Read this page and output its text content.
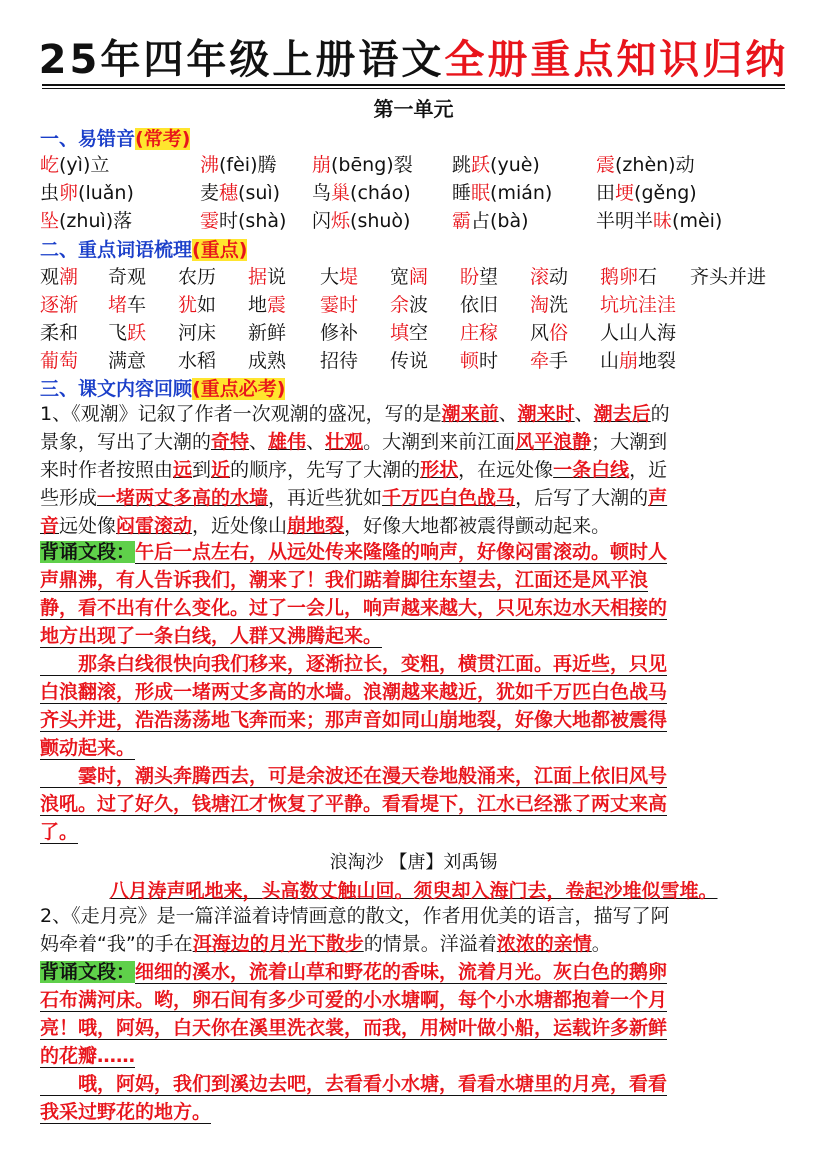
25年四年级上册语文全册重点知识归纳
第一单元
一、易错音(常考)
屹(yì)立	沸(fèi)腾 崩(bēng)裂 跳跃(yuè)	震(zhèn)动
虫卵(luǎn)	麦穗(suì) 鸟巢(cháo) 睡眠(mián) 田埂(gěng)
坠(zhuì)落	霎时(shà) 闪烁(shuò) 霸占(bà)	半明半昧(mèi)
二、重点词语梳理(重点)
观潮 奇观 农历 据说 大堤 宽阔 盼望 滚动 鹅卵石 齐头并进
逐渐 堵车 犹如 地震 霎时 余波 依旧 淘洗 坑坑洼洼
柔和 飞跃 河床 新鲜 修补 填空 庄稼 风俗 人山人海
葡萄 满意 水稻 成熟 招待 传说 顿时 牵手 山崩地裂
三、课文内容回顾(重点必考)
1、《观潮》记叙了作者一次观潮的盛况，写的是潮来前、潮来时、潮去后的
景象，写出了大潮的奇特、雄伟、壮观。大潮到来前江面风平浪静；大潮到
来时作者按照由远到近的顺序，先写了大潮的形状，在远处像一条白线，近
些形成一堵两丈多高的水墙，再近些犹如千万匹白色战马，后写了大潮的声
音远处像闷雷滚动，近处像山崩地裂，好像大地都被震得颤动起来。
背诵文段：午后一点左右，从远处传来隆隆的响声，好像闷雷滚动。顿时人
声鼎沸，有人告诉我们，潮来了！我们踮着脚往东望去，江面还是风平浪
静，看不出有什么变化。过了一会儿，响声越来越大，只见东边水天相接的
地方出现了一条白线，人群又沸腾起来。
　　那条白线很快向我们移来，逐渐拉长，变粗，横贯江面。再近些，只见
白浪翻滚，形成一堵两丈多高的水墙。浪潮越来越近，犹如千万匹白色战马
齐头并进，浩浩荡荡地飞奔而来；那声音如同山崩地裂，好像大地都被震得
颤动起来。
　　霎时，潮头奔腾西去，可是余波还在漫天卷地般涌来，江面上依旧风号
浪吼。过了好久，钱塘江才恢复了平静。看看堤下，江水已经涨了两丈来高
了。
浪淘沙 【唐】刘禹锡
八月涛声吼地来，头高数丈触山回。须臾却入海门去，卷起沙堆似雪堆。
2、《走月亮》是一篇洋溢着诗情画意的散文，作者用优美的语言，描写了阿
妈牵着“我”的手在洱海边的月光下散步的情景。洋溢着浓浓的亲情。
背诵文段：细细的溪水，流着山草和野花的香味，流着月光。灰白色的鹅卵
石布满河床。哟，卵石间有多少可爱的小水塘啊，每个小水塘都抱着一个月
亮！哦，阿妈，白天你在溪里洗衣裳，而我，用树叶做小船，运载许多新鲜
的花瓣……
　　哦，阿妈，我们到溪边去吧，去看看小水塘，看看水塘里的月亮，看看
我采过野花的地方。
